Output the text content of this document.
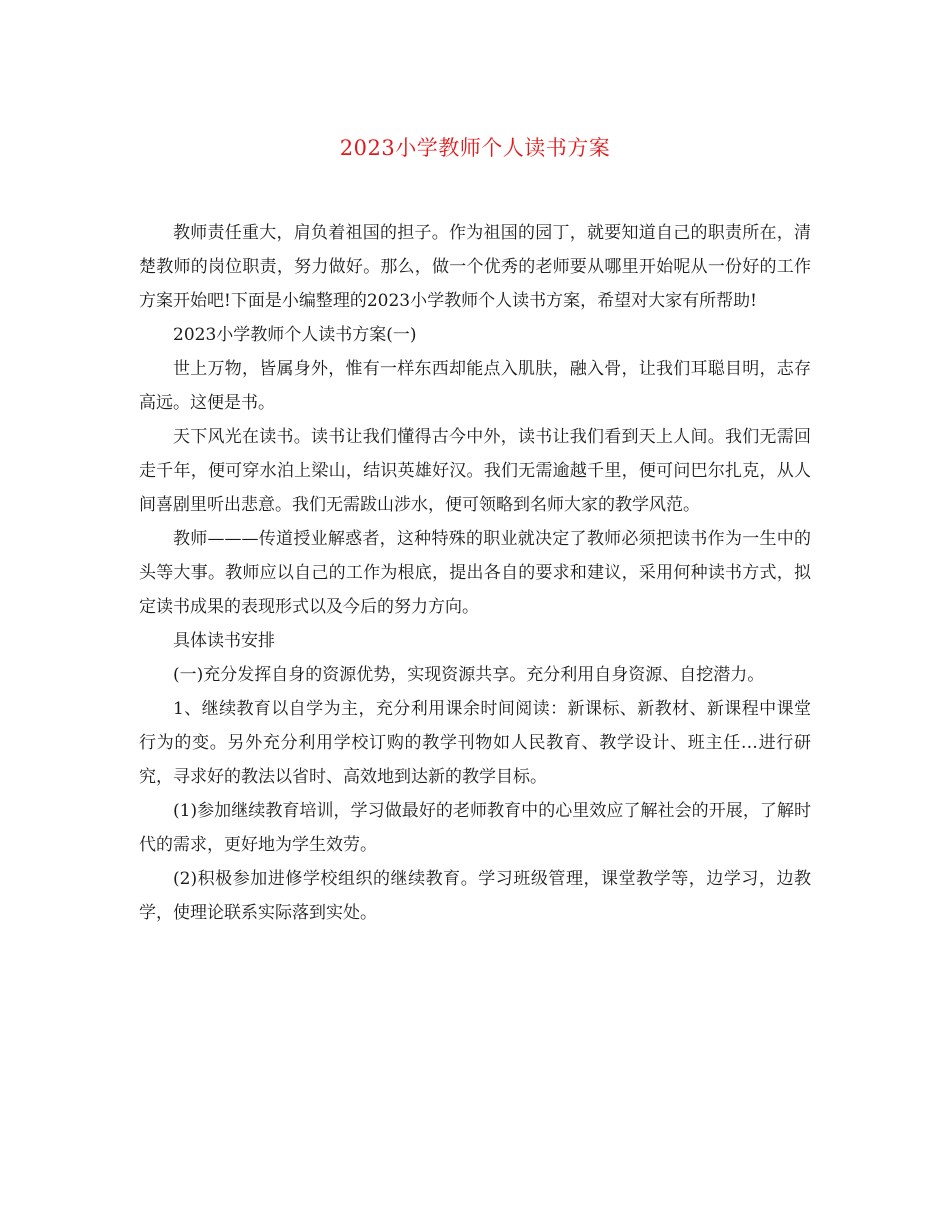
2023小学教师个人读书方案

教师责任重大，肩负着祖国的担子。作为祖国的园丁，就要知道自己的职责所在，清楚教师的岗位职责，努力做好。那么，做一个优秀的老师要从哪里开始呢从一份好的工作方案开始吧!下面是小编整理的2023小学教师个人读书方案，希望对大家有所帮助!

2023小学教师个人读书方案(一)

世上万物，皆属身外，惟有一样东西却能点入肌肤，融入骨，让我们耳聪目明，志存高远。这便是书。

天下风光在读书。读书让我们懂得古今中外，读书让我们看到天上人间。我们无需回走千年，便可穿水泊上梁山，结识英雄好汉。我们无需逾越千里，便可问巴尔扎克，从人间喜剧里听出悲意。我们无需跋山涉水，便可领略到名师大家的教学风范。

教师———传道授业解惑者，这种特殊的职业就决定了教师必须把读书作为一生中的头等大事。教师应以自己的工作为根底，提出各自的要求和建议，采用何种读书方式，拟定读书成果的表现形式以及今后的努力方向。

具体读书安排

(一)充分发挥自身的资源优势，实现资源共享。充分利用自身资源、自挖潜力。

1、继续教育以自学为主，充分利用课余时间阅读：新课标、新教材、新课程中课堂行为的变。另外充分利用学校订购的教学刊物如人民教育、教学设计、班主任…进行研究，寻求好的教法以省时、高效地到达新的教学目标。

(1)参加继续教育培训，学习做最好的老师教育中的心里效应了解社会的开展，了解时代的需求，更好地为学生效劳。

(2)积极参加进修学校组织的继续教育。学习班级管理，课堂教学等，边学习，边教学，使理论联系实际落到实处。
